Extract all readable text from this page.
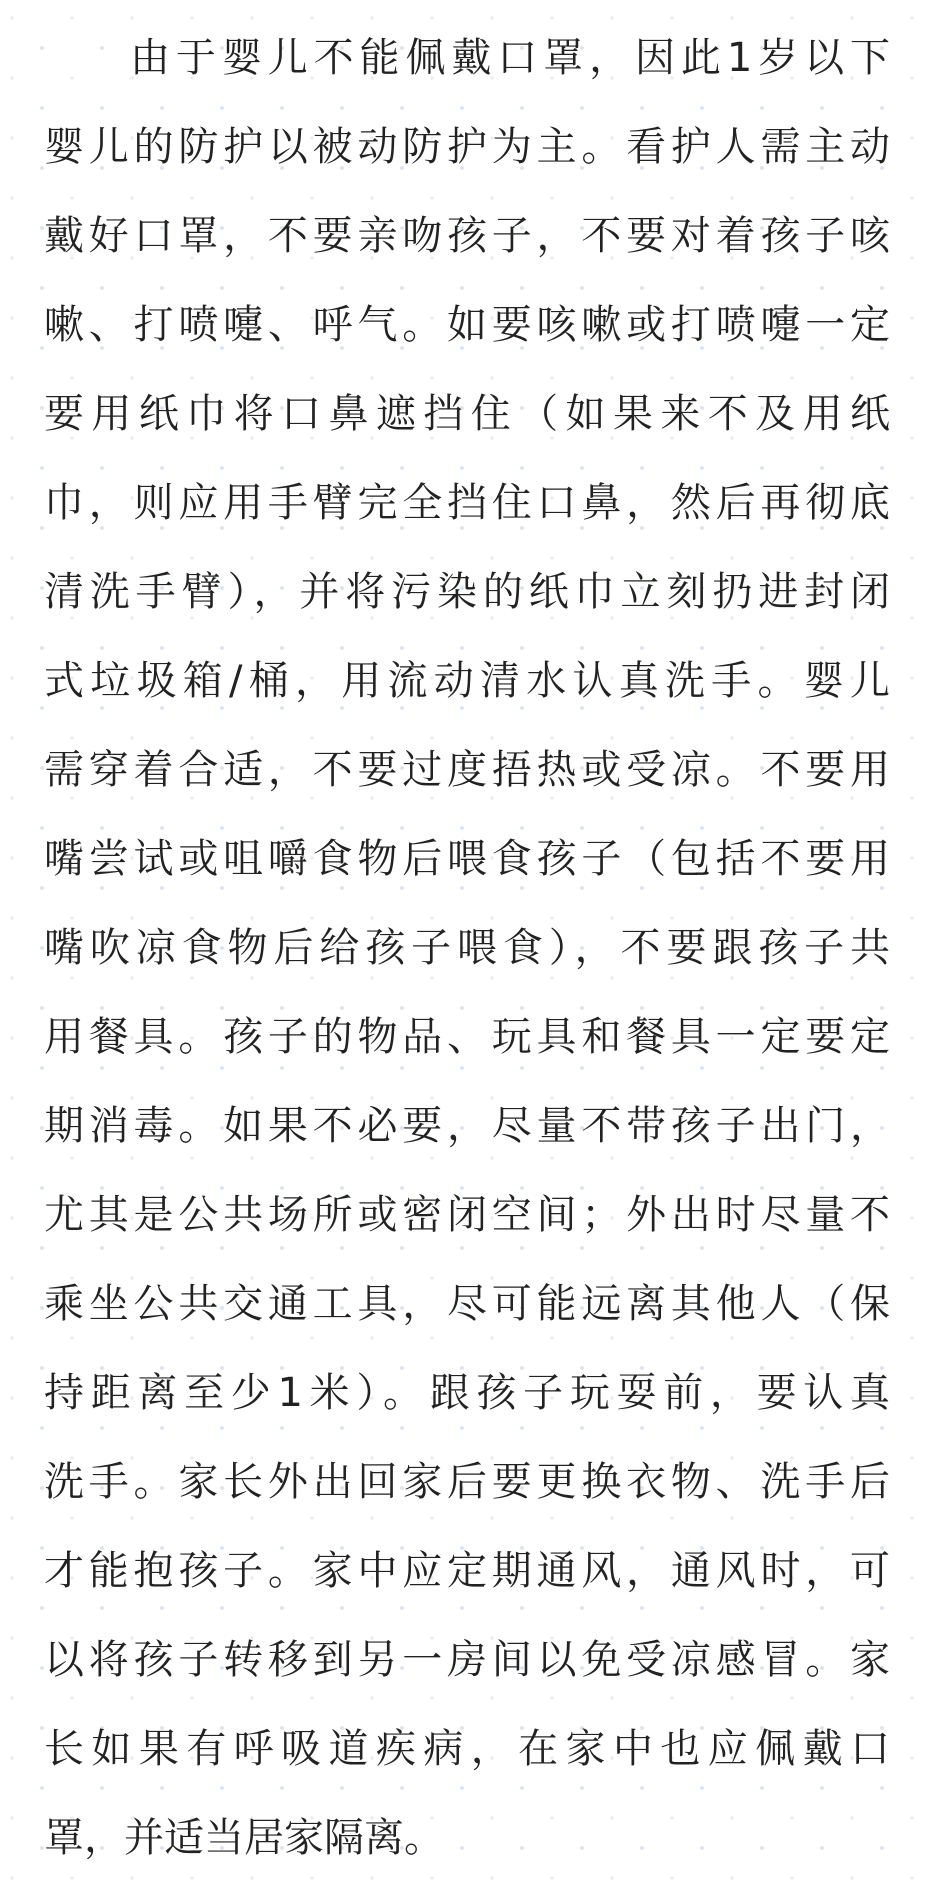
由于婴儿不能佩戴口罩，因此1岁以下
婴儿的防护以被动防护为主。看护人需主动
戴好口罩，不要亲吻孩子，不要对着孩子咳
嗽、打喷嚏、呼气。如要咳嗽或打喷嚏一定
要用纸巾将口鼻遮挡住（如果来不及用纸
巾，则应用手臂完全挡住口鼻，然后再彻底
清洗手臂），并将污染的纸巾立刻扔进封闭
式垃圾箱/桶，用流动清水认真洗手。婴儿
需穿着合适，不要过度捂热或受凉。不要用
嘴尝试或咀嚼食物后喂食孩子（包括不要用
嘴吹凉食物后给孩子喂食），不要跟孩子共
用餐具。孩子的物品、玩具和餐具一定要定
期消毒。如果不必要，尽量不带孩子出门，
尤其是公共场所或密闭空间；外出时尽量不
乘坐公共交通工具，尽可能远离其他人（保
持距离至少1米）。跟孩子玩耍前，要认真
洗手。家长外出回家后要更换衣物、洗手后
才能抱孩子。家中应定期通风，通风时，可
以将孩子转移到另一房间以免受凉感冒。家
长如果有呼吸道疾病，在家中也应佩戴口
罩，并适当居家隔离。
